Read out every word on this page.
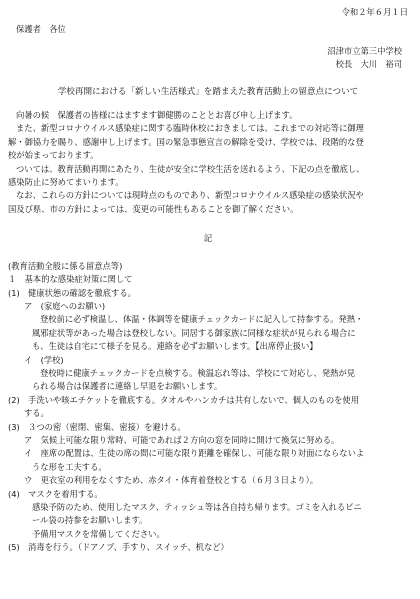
令和２年６月１日

保護者　各位

沼津市立第三中学校

校長　大川　裕司

学校再開における「新しい生活様式」を踏まえた教育活動上の留意点について

向暑の候　保護者の皆様にはますます御健勝のこととお喜び申し上げます。

また、新型コロナウイルス感染症に関する臨時休校におきましては、これまでの対応等に御理

解・御協力を賜り、感謝申し上げます。国の緊急事態宣言の解除を受け、学校では、段階的な登

校が始まっております。

ついては、教育活動再開にあたり、生徒が安全に学校生活を送れるよう、下記の点を徹底し、

感染防止に努めてまいります。

なお、これらの方針については現時点のものであり、新型コロナウイルス感染症の感染状況や

国及び県、市の方針によっては、変更の可能性もあることを御了解ください。

記

(教育活動全般に係る留意点等)

１　基本的な感染症対策に関して

(1)　健康状態の確認を徹底する。

ア　(家庭へのお願い)

登校前に必ず検温し、体温・体調等を健康チェックカードに記入して持参する。発熱・

風邪症状等があった場合は登校しない。同居する御家族に同様な症状が見られる場合に

も、生徒は自宅にて様子を見る。連絡を必ずお願いします。【出席停止扱い】

イ　(学校)

登校時に健康チェックカードを点検する。検温忘れ等は、学校にて対応し、発熱が見

られる場合は保護者に連絡し早退をお願いします。

(2)　手洗いや咳エチケットを徹底する。タオルやハンカチは共有しないで、個人のものを使用

する。

(3)　３つの密（密閉、密集、密接）を避ける。

ア　気候上可能な限り常時、可能であれば２方向の窓を同時に開けて換気に努める。

イ　座席の配置は、生徒の席の間に可能な限り距離を確保し、可能な限り対面にならないよ

うな形を工夫する。

ウ　更衣室の利用をなくすため、赤タイ・体育着登校とする（６月３日より）。

(4)　マスクを着用する。

感染予防のため、使用したマスク、ティッシュ等は各自持ち帰ります。ゴミを入れるビニ

ール袋の持参をお願いします。

予備用マスクを常備してください。

(5)　消毒を行う。（ドアノブ、手すり、スイッチ、机など）
